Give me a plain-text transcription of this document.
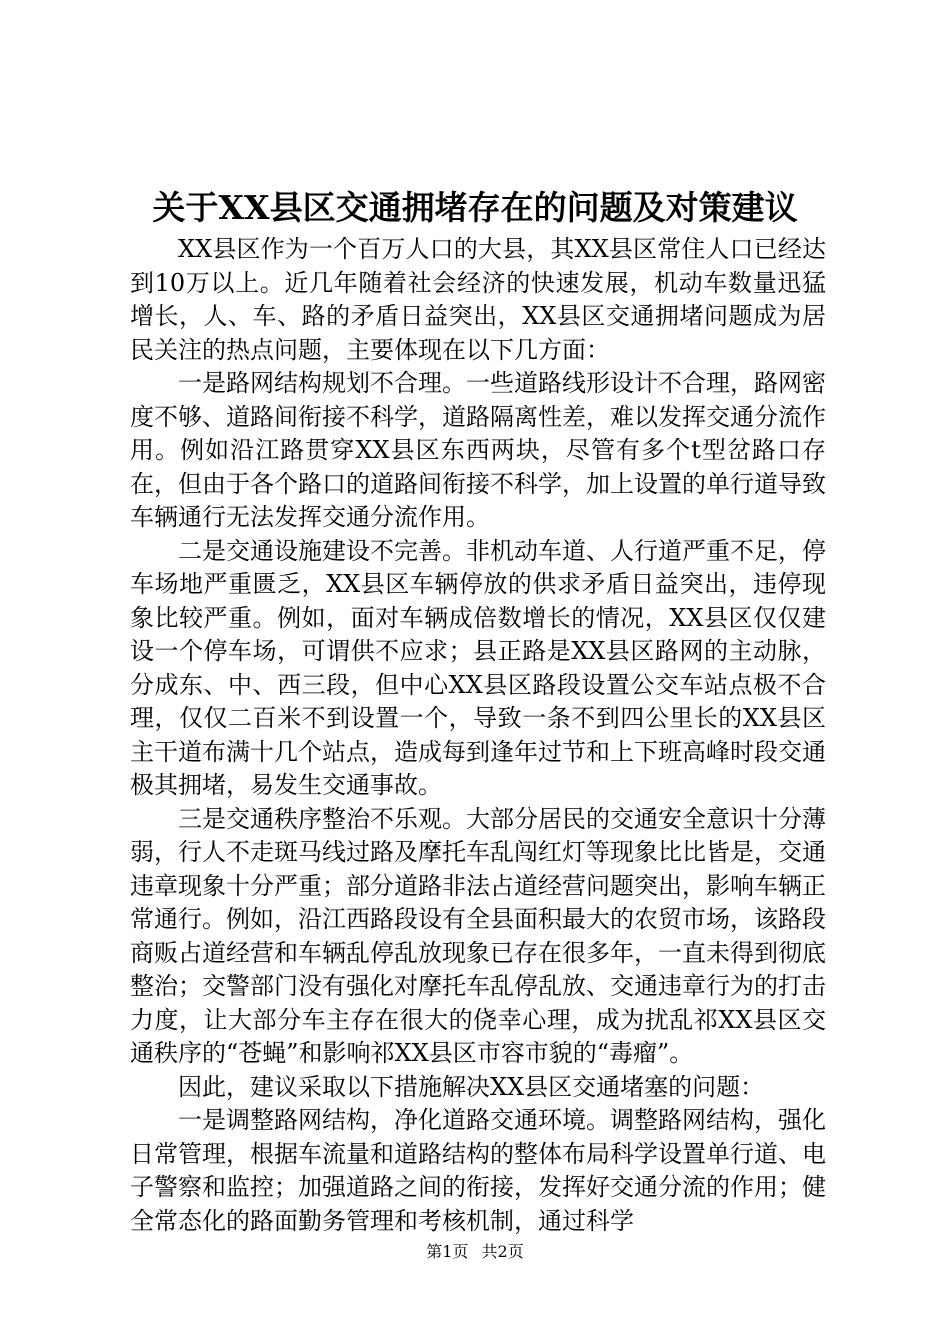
关于XX县区交通拥堵存在的问题及对策建议

XX县区作为一个百万人口的大县，其XX县区常住人口已经达到10万以上。近几年随着社会经济的快速发展，机动车数量迅猛增长，人、车、路的矛盾日益突出，XX县区交通拥堵问题成为居民关注的热点问题，主要体现在以下几方面：

一是路网结构规划不合理。一些道路线形设计不合理，路网密度不够、道路间衔接不科学，道路隔离性差，难以发挥交通分流作用。例如沿江路贯穿XX县区东西两块，尽管有多个t型岔路口存在，但由于各个路口的道路间衔接不科学，加上设置的单行道导致车辆通行无法发挥交通分流作用。

二是交通设施建设不完善。非机动车道、人行道严重不足，停车场地严重匮乏，XX县区车辆停放的供求矛盾日益突出，违停现象比较严重。例如，面对车辆成倍数增长的情况，XX县区仅仅建设一个停车场，可谓供不应求；县正路是XX县区路网的主动脉，分成东、中、西三段，但中心XX县区路段设置公交车站点极不合理，仅仅二百米不到设置一个，导致一条不到四公里长的XX县区主干道布满十几个站点，造成每到逢年过节和上下班高峰时段交通极其拥堵，易发生交通事故。

三是交通秩序整治不乐观。大部分居民的交通安全意识十分薄弱，行人不走斑马线过路及摩托车乱闯红灯等现象比比皆是，交通违章现象十分严重；部分道路非法占道经营问题突出，影响车辆正常通行。例如，沿江西路段设有全县面积最大的农贸市场，该路段商贩占道经营和车辆乱停乱放现象已存在很多年，一直未得到彻底整治；交警部门没有强化对摩托车乱停乱放、交通违章行为的打击力度，让大部分车主存在很大的侥幸心理，成为扰乱祁XX县区交通秩序的“苍蝇”和影响祁XX县区市容市貌的“毒瘤”。

因此，建议采取以下措施解决XX县区交通堵塞的问题：

一是调整路网结构，净化道路交通环境。调整路网结构，强化日常管理，根据车流量和道路结构的整体布局科学设置单行道、电子警察和监控；加强道路之间的衔接，发挥好交通分流的作用；健全常态化的路面勤务管理和考核机制，通过科学

第1页 共2页
